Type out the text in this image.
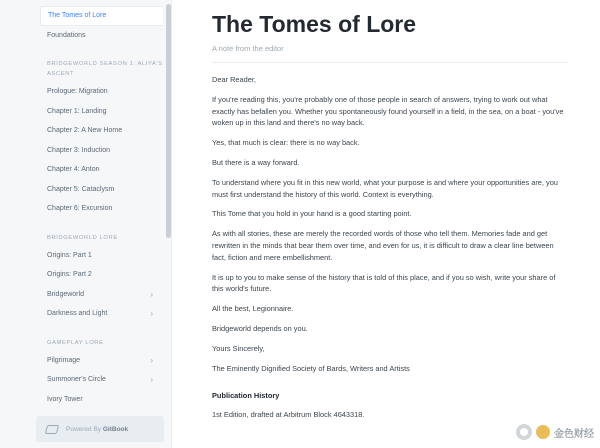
The Tomes of Lore
Foundations
BRIDGEWORLD SEASON 1: ALIYA'S ASCENT
Prologue: Migration
Chapter 1: Landing
Chapter 2: A New Home
Chapter 3: Induction
Chapter 4: Anton
Chapter 5: Cataclysm
Chapter 6: Excursion
BRIDGEWORLD LORE
Origins: Part 1
Origins: Part 2
Bridgeworld	›
Darkness and Light	›
GAMEPLAY LORE
Pilgrimage	›
Summoner's Circle	›
Ivory Tower
Powered By GitBook
The Tomes of Lore
A note from the editor

Dear Reader,

If you're reading this, you're probably one of those people in search of answers, trying to work out what exactly has befallen you. Whether you spontaneously found yourself in a field, in the sea, on a boat - you've woken up in this land and there's no way back.

Yes, that much is clear: there is no way back.

But there is a way forward.

To understand where you fit in this new world, what your purpose is and where your opportunities are, you must first understand the history of this world. Context is everything.

This Tome that you hold in your hand is a good starting point.

As with all stories, these are merely the recorded words of those who tell them. Memories fade and get rewritten in the minds that bear them over time, and even for us, it is difficult to draw a clear line between fact, fiction and mere embellishment.

It is up to you to make sense of the history that is told of this place, and if you so wish, write your share of this world's future.

All the best, Legionnaire.

Bridgeworld depends on you.

Yours Sincerely,

The Eminently Dignified Society of Bards, Writers and Artists

Publication History
1st Edition, drafted at Arbitrum Block 4643318.
金色财经
